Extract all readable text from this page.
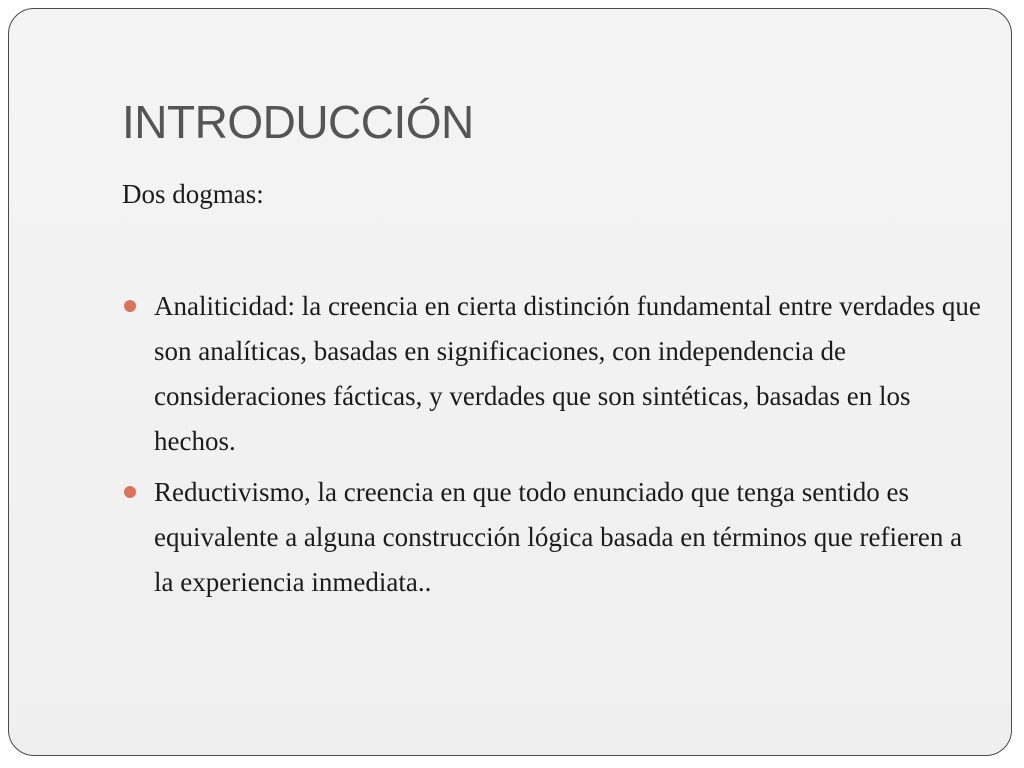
INTRODUCCIÓN

Dos dogmas:

Analiticidad: la creencia en cierta distinción fundamental entre verdades que son analíticas, basadas en significaciones, con independencia de consideraciones fácticas, y verdades que son sintéticas, basadas en los hechos.
Reductivismo, la creencia en que todo enunciado que tenga sentido es equivalente a alguna construcción lógica basada en términos que refieren a la experiencia inmediata..
